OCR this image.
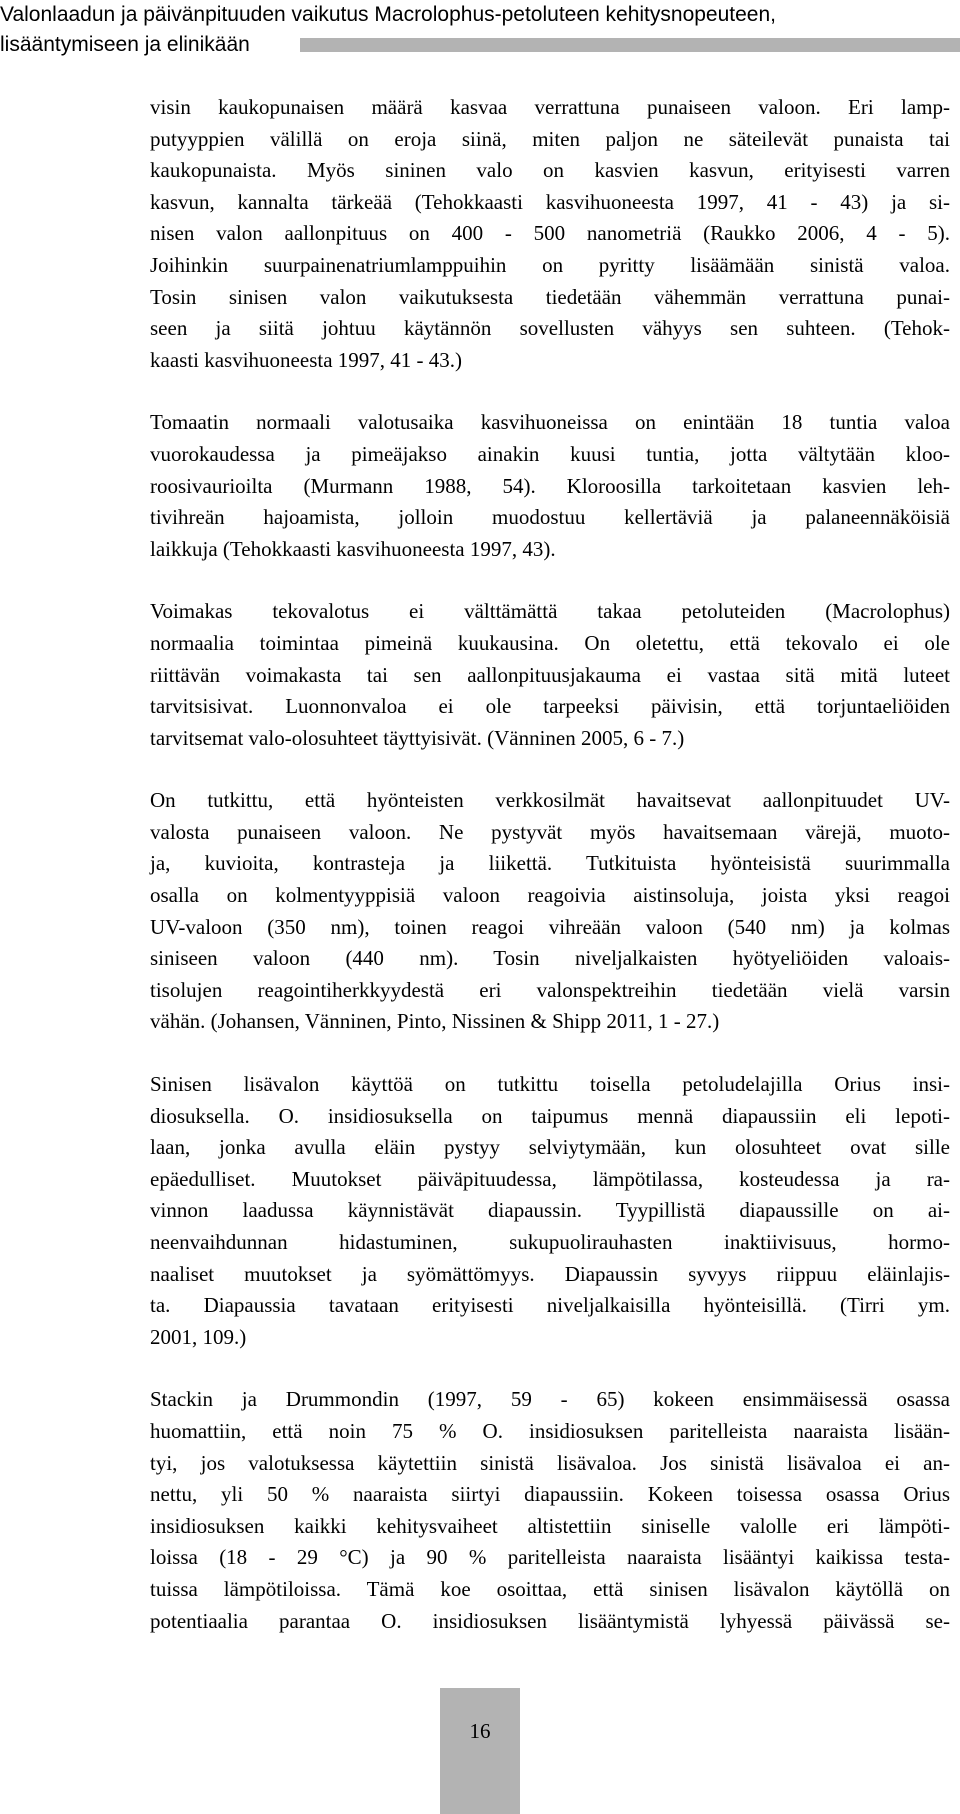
Valonlaadun ja päivänpituuden vaikutus Macrolophus-petoluteen kehitysnopeuteen,
lisääntymiseen ja elinikään

visin kaukopunaisen määrä kasvaa verrattuna punaiseen valoon. Eri lamp-
putyyppien välillä on eroja siinä, miten paljon ne säteilevät punaista tai
kaukopunaista. Myös sininen valo on kasvien kasvun, erityisesti varren
kasvun, kannalta tärkeää (Tehokkaasti kasvihuoneesta 1997, 41 - 43) ja si-
nisen valon aallonpituus on 400 - 500 nanometriä (Raukko 2006, 4 - 5).
Joihinkin suurpainenatriumlamppuihin on pyritty lisäämään sinistä valoa.
Tosin sinisen valon vaikutuksesta tiedetään vähemmän verrattuna punai-
seen ja siitä johtuu käytännön sovellusten vähyys sen suhteen. (Tehok-
kaasti kasvihuoneesta 1997, 41 - 43.)

Tomaatin normaali valotusaika kasvihuoneissa on enintään 18 tuntia valoa
vuorokaudessa ja pimeäjakso ainakin kuusi tuntia, jotta vältytään kloo-
roosivaurioilta (Murmann 1988, 54). Kloroosilla tarkoitetaan kasvien leh-
tivihreän hajoamista, jolloin muodostuu kellertäviä ja palaneennäköisiä
laikkuja (Tehokkaasti kasvihuoneesta 1997, 43).

Voimakas tekovalotus ei välttämättä takaa petoluteiden (Macrolophus)
normaalia toimintaa pimeinä kuukausina. On oletettu, että tekovalo ei ole
riittävän voimakasta tai sen aallonpituusjakauma ei vastaa sitä mitä luteet
tarvitsisivat. Luonnonvaloa ei ole tarpeeksi päivisin, että torjuntaeliöiden
tarvitsemat valo-olosuhteet täyttyisivät. (Vänninen 2005, 6 - 7.)

On tutkittu, että hyönteisten verkkosilmät havaitsevat aallonpituudet UV-
valosta punaiseen valoon. Ne pystyvät myös havaitsemaan värejä, muoto-
ja, kuvioita, kontrasteja ja liikettä. Tutkituista hyönteisistä suurimmalla
osalla on kolmentyyppisiä valoon reagoivia aistinsoluja, joista yksi reagoi
UV-valoon (350 nm), toinen reagoi vihreään valoon (540 nm) ja kolmas
siniseen valoon (440 nm). Tosin niveljalkaisten hyötyeliöiden valoais-
tisolujen reagointiherkkyydestä eri valonspektreihin tiedetään vielä varsin
vähän. (Johansen, Vänninen, Pinto, Nissinen & Shipp 2011, 1 - 27.)

Sinisen lisävalon käyttöä on tutkittu toisella petoludelajilla Orius insi-
diosuksella. O. insidiosuksella on taipumus mennä diapaussiin eli lepoti-
laan, jonka avulla eläin pystyy selviytymään, kun olosuhteet ovat sille
epäedulliset. Muutokset päiväpituudessa, lämpötilassa, kosteudessa ja ra-
vinnon laadussa käynnistävät diapaussin. Tyypillistä diapaussille on ai-
neenvaihdunnan hidastuminen, sukupuolirauhasten inaktiivisuus, hormo-
naaliset muutokset ja syömättömyys. Diapaussin syvyys riippuu eläinlajis-
ta. Diapaussia tavataan erityisesti niveljalkaisilla hyönteisillä. (Tirri ym.
2001, 109.)

Stackin ja Drummondin (1997, 59 - 65) kokeen ensimmäisessä osassa
huomattiin, että noin 75 % O. insidiosuksen paritelleista naaraista lisään-
tyi, jos valotuksessa käytettiin sinistä lisävaloa. Jos sinistä lisävaloa ei an-
nettu, yli 50 % naaraista siirtyi diapaussiin. Kokeen toisessa osassa Orius
insidiosuksen kaikki kehitysvaiheet altistettiin siniselle valolle eri lämpöti-
loissa (18 - 29 °C) ja 90 % paritelleista naaraista lisääntyi kaikissa testa-
tuissa lämpötiloissa. Tämä koe osoittaa, että sinisen lisävalon käytöllä on
potentiaalia parantaa O. insidiosuksen lisääntymistä lyhyessä päivässä se-

16
